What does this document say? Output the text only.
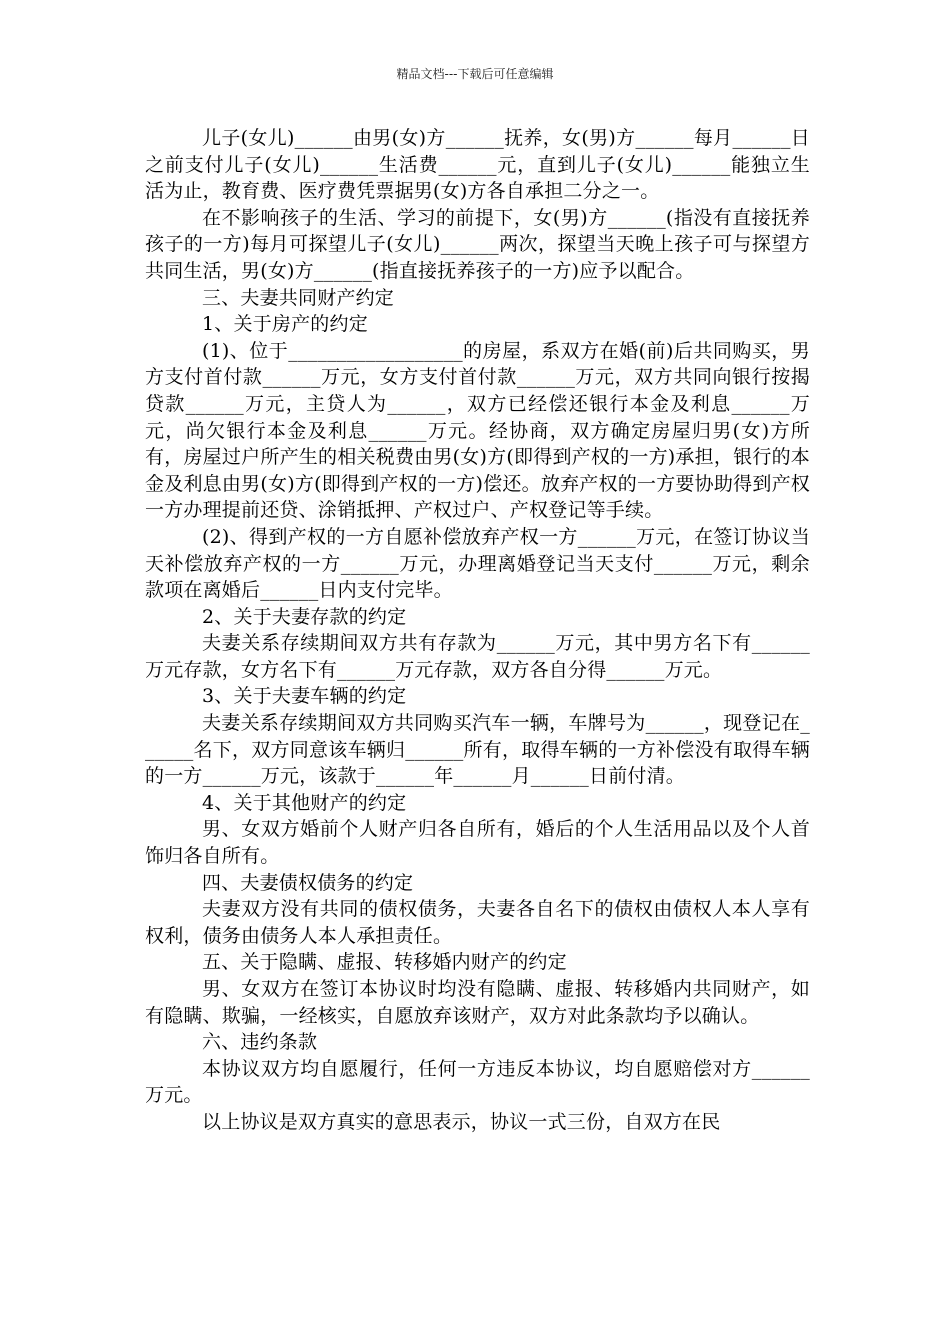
精品文档---下载后可任意编辑

儿子(女儿)______由男(女)方______抚养，女(男)方______每月______日之前支付儿子(女儿)______生活费______元，直到儿子(女儿)______能独立生活为止，教育费、医疗费凭票据男(女)方各自承担二分之一。

在不影响孩子的生活、学习的前提下，女(男)方______(指没有直接抚养孩子的一方)每月可探望儿子(女儿)______两次，探望当天晚上孩子可与探望方共同生活，男(女)方______(指直接抚养孩子的一方)应予以配合。

三、夫妻共同财产约定

1、关于房产的约定

(1)、位于__________________的房屋，系双方在婚(前)后共同购买，男方支付首付款______万元，女方支付首付款______万元，双方共同向银行按揭贷款______万元，主贷人为______，双方已经偿还银行本金及利息______万元，尚欠银行本金及利息______万元。经协商，双方确定房屋归男(女)方所有，房屋过户所产生的相关税费由男(女)方(即得到产权的一方)承担，银行的本金及利息由男(女)方(即得到产权的一方)偿还。放弃产权的一方要协助得到产权一方办理提前还贷、涂销抵押、产权过户、产权登记等手续。

(2)、得到产权的一方自愿补偿放弃产权一方______万元，在签订协议当天补偿放弃产权的一方______万元，办理离婚登记当天支付______万元，剩余款项在离婚后______日内支付完毕。

2、关于夫妻存款的约定

夫妻关系存续期间双方共有存款为______万元，其中男方名下有______万元存款，女方名下有______万元存款，双方各自分得______万元。

3、关于夫妻车辆的约定

夫妻关系存续期间双方共同购买汽车一辆，车牌号为______，现登记在______名下，双方同意该车辆归______所有，取得车辆的一方补偿没有取得车辆的一方______万元，该款于______年______月______日前付清。

4、关于其他财产的约定

男、女双方婚前个人财产归各自所有，婚后的个人生活用品以及个人首饰归各自所有。

四、夫妻债权债务的约定

夫妻双方没有共同的债权债务，夫妻各自名下的债权由债权人本人享有权利，债务由债务人本人承担责任。

五、关于隐瞒、虚报、转移婚内财产的约定

男、女双方在签订本协议时均没有隐瞒、虚报、转移婚内共同财产，如有隐瞒、欺骗，一经核实，自愿放弃该财产，双方对此条款均予以确认。

六、违约条款

本协议双方均自愿履行，任何一方违反本协议，均自愿赔偿对方______万元。

以上协议是双方真实的意思表示，协议一式三份，自双方在民
